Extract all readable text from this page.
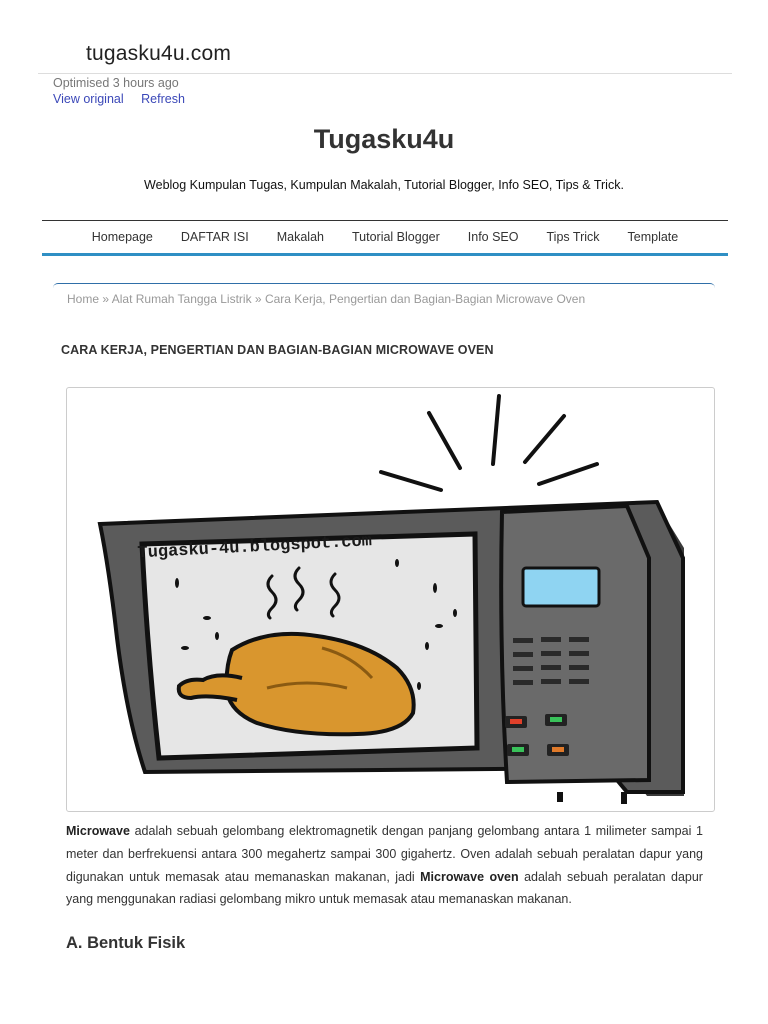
tugasku4u.com
Optimised 3 hours ago
View original Refresh
Tugasku4u
Weblog Kumpulan Tugas, Kumpulan Makalah, Tutorial Blogger, Info SEO, Tips & Trick.
Homepage	DAFTAR ISI	Makalah	Tutorial Blogger	Info SEO	Tips Trick	Template
Home » Alat Rumah Tangga Listrik » Cara Kerja, Pengertian dan Bagian-Bagian Microwave Oven
CARA KERJA, PENGERTIAN DAN BAGIAN-BAGIAN MICROWAVE OVEN
Tugasku-4u.blogspot.com
Microwave adalah sebuah gelombang elektromagnetik dengan panjang gelombang antara 1 milimeter sampai 1 meter dan berfrekuensi antara 300 megahertz sampai 300 gigahertz. Oven adalah sebuah peralatan dapur yang digunakan untuk memasak atau memanaskan makanan, jadi Microwave oven adalah sebuah peralatan dapur yang menggunakan radiasi gelombang mikro untuk memasak atau memanaskan makanan.
A. Bentuk Fisik
